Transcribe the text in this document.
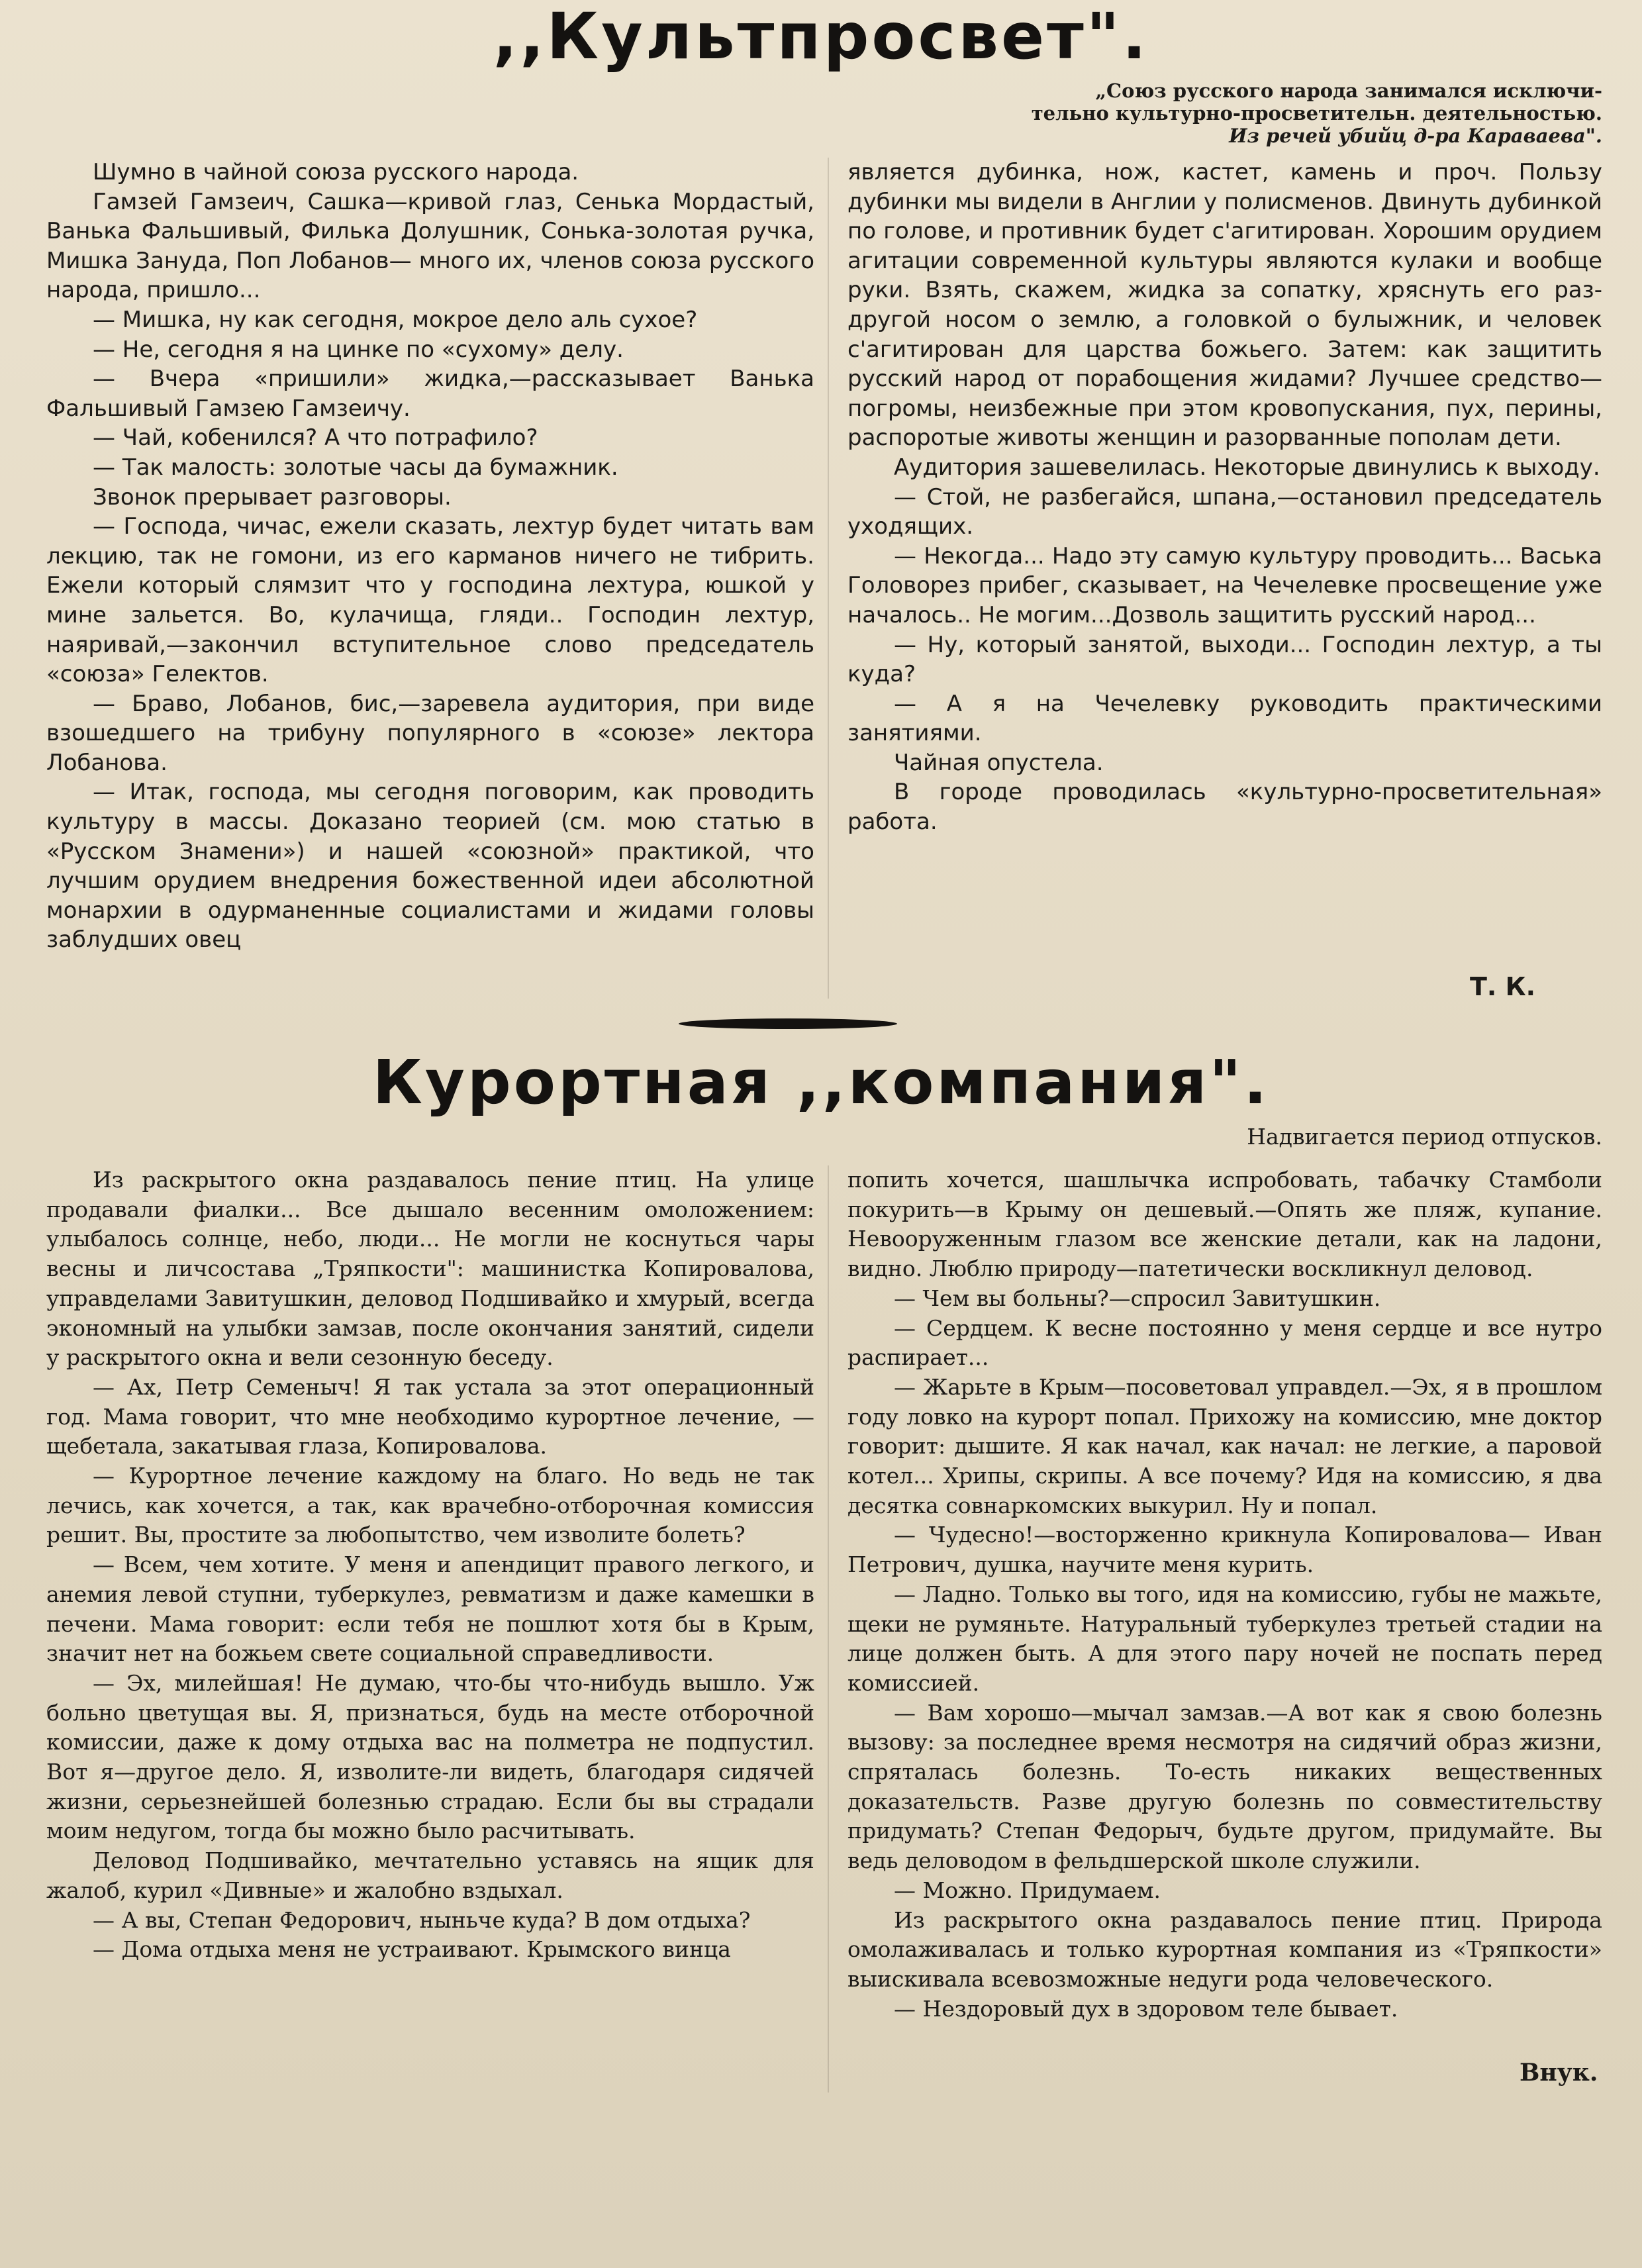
,,Культпросвет".
„Союз русского народа занимался исключи-
тельно культурно-просветительн. деятельностью.
Из речей убийц д-ра Караваева".

Шумно в чайной союза русского народа.

Гамзей Гамзеич, Сашка—кривой глаз, Сенька Мордастый, Ванька Фальшивый, Филька Долушник, Сонька-золотая ручка, Мишка Зануда, Поп Лобанов— много их, членов союза русского народа, пришло...

— Мишка, ну как сегодня, мокрое дело аль сухое?

— Не, сегодня я на цинке по «сухому» делу.

— Вчера «пришили» жидка,—рассказывает Ванька Фальшивый Гамзею Гамзеичу.

— Чай, кобенился? А что потрафило?

— Так малость: золотые часы да бумажник.

Звонок прерывает разговоры.

— Господа, чичас, ежели сказать, лехтур будет читать вам лекцию, так не гомони, из его карманов ничего не тибрить. Ежели который слямзит что у господина лехтура, юшкой у мине зальется. Во, кулачища, гляди.. Господин лехтур, наяривай,—закончил вступительное слово председатель «союза» Гелектов.

— Браво, Лобанов, бис,—заревела аудитория, при виде взошедшего на трибуну популярного в «союзе» лектора Лобанова.

— Итак, господа, мы сегодня поговорим, как проводить культуру в массы. Доказано теорией (см. мою статью в «Русском Знамени») и нашей «союзной» практикой, что лучшим орудием внедрения божественной идеи абсолютной монархии в одурманенные социалистами и жидами головы заблудших овец

является дубинка, нож, кастет, камень и проч. Пользу дубинки мы видели в Англии у полисменов. Двинуть дубинкой по голове, и противник будет с'агитирован. Хорошим орудием агитации современной культуры являются кулаки и вообще руки. Взять, скажем, жидка за сопатку, хряснуть его раз-другой носом о землю, а головкой о булыжник, и человек с'агитирован для царства божьего. Затем: как защитить русский народ от порабощения жидами? Лучшее средство—погромы, неизбежные при этом кровопускания, пух, перины, распоротые животы женщин и разорванные пополам дети.

Аудитория зашевелилась. Некоторые двинулись к выходу.

— Стой, не разбегайся, шпана,—остановил председатель уходящих.

— Некогда... Надо эту самую культуру проводить... Васька Головорез прибег, сказывает, на Чечелевке просвещение уже началось.. Не могим...Дозволь защитить русский народ...

— Ну, который занятой, выходи... Господин лехтур, а ты куда?

— А я на Чечелевку руководить практическими занятиями.

Чайная опустела.

В городе проводилась «культурно-просветительная» работа.

Т. К.
Курортная ,,компания".
Надвигается период отпусков.

Из раскрытого окна раздавалось пение птиц. На улице продавали фиалки... Все дышало весенним омоложением: улыбалось солнце, небо, люди... Не могли не коснуться чары весны и личсостава „Тряпкости": машинистка Копировалова, управделами Завитушкин, деловод Подшивайко и хмурый, всегда экономный на улыбки замзав, после окончания занятий, сидели у раскрытого окна и вели сезонную беседу.

— Ах, Петр Семеныч! Я так устала за этот операционный год. Мама говорит, что мне необходимо курортное лечение, —щебетала, закатывая глаза, Копировалова.

— Курортное лечение каждому на благо. Но ведь не так лечись, как хочется, а так, как врачебно-отборочная комиссия решит. Вы, простите за любопытство, чем изволите болеть?

— Всем, чем хотите. У меня и апендицит правого легкого, и анемия левой ступни, туберкулез, ревматизм и даже камешки в печени. Мама говорит: если тебя не пошлют хотя бы в Крым, значит нет на божьем свете социальной справедливости.

— Эх, милейшая! Не думаю, что-бы что-нибудь вышло. Уж больно цветущая вы. Я, признаться, будь на месте отборочной комиссии, даже к дому отдыха вас на полметра не подпустил. Вот я—другое дело. Я, изволите-ли видеть, благодаря сидячей жизни, серьезнейшей болезнью страдаю. Если бы вы страдали моим недугом, тогда бы можно было расчитывать.

Деловод Подшивайко, мечтательно уставясь на ящик для жалоб, курил «Дивные» и жалобно вздыхал.

— А вы, Степан Федорович, ныньче куда? В дом отдыха?

— Дома отдыха меня не устраивают. Крымского винца

попить хочется, шашлычка испробовать, табачку Стамболи покурить—в Крыму он дешевый.—Опять же пляж, купание. Невооруженным глазом все женские детали, как на ладони, видно. Люблю природу—патетически воскликнул деловод.

— Чем вы больны?—спросил Завитушкин.

— Сердцем. К весне постоянно у меня сердце и все нутро распирает...

— Жарьте в Крым—посоветовал управдел.—Эх, я в прошлом году ловко на курорт попал. Прихожу на комиссию, мне доктор говорит: дышите. Я как начал, как начал: не легкие, а паровой котел... Хрипы, скрипы. А все почему? Идя на комиссию, я два десятка совнаркомских выкурил. Ну и попал.

— Чудесно!—восторженно крикнула Копировалова— Иван Петрович, душка, научите меня курить.

— Ладно. Только вы того, идя на комиссию, губы не мажьте, щеки не румяньте. Натуральный туберкулез третьей стадии на лице должен быть. А для этого пару ночей не поспать перед комиссией.

— Вам хорошо—мычал замзав.—А вот как я свою болезнь вызову: за последнее время несмотря на сидячий образ жизни, спряталась болезнь. То-есть никаких вещественных доказательств. Разве другую болезнь по совместительству придумать? Степан Федорыч, будьте другом, придумайте. Вы ведь деловодом в фельдшерской школе служили.

— Можно. Придумаем.

Из раскрытого окна раздавалось пение птиц. Природа омолаживалась и только курортная компания из «Тряпкости» выискивала всевозможные недуги рода человеческого.

— Нездоровый дух в здоровом теле бывает.

Внук.
